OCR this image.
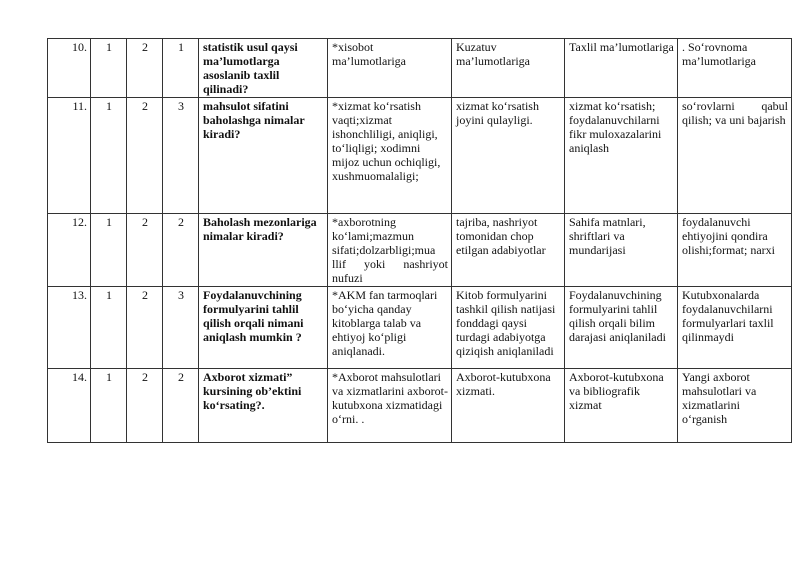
10.	1	2	1	statistik usul qaysi ma’lumotlarga asoslanib taxlil qilinadi?	*xisobot ma’lumotlariga	Kuzatuv ma’lumotlariga	Taxlil ma’lumotlariga	. So‘rovnoma ma’lumotlariga
11.	1	2	3	mahsulot sifatini baholashga nimalar kiradi?	*xizmat ko‘rsatish vaqti;xizmat ishonchliligi, aniqligi, to‘liqligi; xodimni mijoz uchun ochiqligi, xushmuomalaligi;	xizmat ko‘rsatish joyini qulayligi.	xizmat ko‘rsatish; foydalanuvchilarni fikr muloxazalarini aniqlash	so‘rovlarni qabul qilish; va uni bajarish
12.	1	2	2	Baholash mezonlariga nimalar kiradi?	*axborotning ko‘lami;mazmun sifati;dolzarbligi;mua llif yoki nashriyot nufuzi	tajriba, nashriyot tomonidan chop etilgan adabiyotlar	Sahifa matnlari, shriftlari va mundarijasi	foydalanuvchi ehtiyojini qondira olishi;format; narxi
13.	1	2	3	Foydalanuvchining formulyarini tahlil qilish orqali nimani aniqlash mumkin ?	*AKM fan tarmoqlari bo‘yicha qanday kitoblarga talab va ehtiyoj ko‘pligi aniqlanadi.	Kitob formulyarini tashkil qilish natijasi fonddagi qaysi turdagi adabiyotga qiziqish aniqlaniladi	Foydalanuvchining formulyarini tahlil qilish orqali bilim darajasi aniqlaniladi	Kutubxonalarda foydalanuvchilarni formulyarlari taxlil qilinmaydi
14.	1	2	2	Axborot xizmati” kursining ob’ektini ko‘rsating?.	*Axborot mahsulotlari va xizmatlarini axborot-kutubxona xizmatidagi o‘rni. .	Axborot-kutubxona xizmati.	Axborot-kutubxona va bibliografik xizmat	Yangi axborot mahsulotlari va xizmatlarini o‘rganish
